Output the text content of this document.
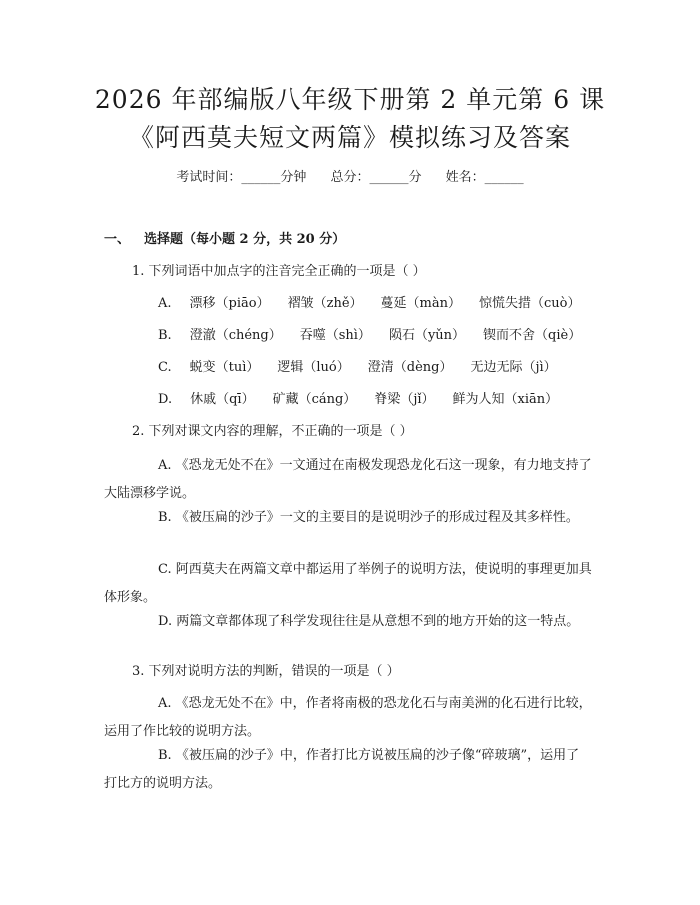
2026 年部编版八年级下册第 2 单元第 6 课
《阿西莫夫短文两篇》模拟练习及答案
考试时间：______分钟 总分：______分 姓名：______
一、 选择题（每小题 2 分，共 20 分）
1. 下列词语中加点字的注音完全正确的一项是（ ）
A. 漂移（piāo） 褶皱（zhě） 蔓延（màn） 惊慌失措（cuò）
B. 澄澈（chéng） 吞噬（shì） 陨石（yǔn） 锲而不舍（qiè）
C. 蜕变（tuì） 逻辑（luó） 澄清（dèng） 无边无际（jì）
D. 休戚（qī） 矿藏（cáng） 脊梁（jǐ） 鲜为人知（xiān）
2. 下列对课文内容的理解，不正确的一项是（ ）
A. 《恐龙无处不在》一文通过在南极发现恐龙化石这一现象，有力地支持了大陆漂移学说。
B. 《被压扁的沙子》一文的主要目的是说明沙子的形成过程及其多样性。
C. 阿西莫夫在两篇文章中都运用了举例子的说明方法，使说明的事理更加具体形象。
D. 两篇文章都体现了科学发现往往是从意想不到的地方开始的这一特点。
3. 下列对说明方法的判断，错误的一项是（ ）
A. 《恐龙无处不在》中，作者将南极的恐龙化石与南美洲的化石进行比较，运用了作比较的说明方法。
B. 《被压扁的沙子》中，作者打比方说被压扁的沙子像“碎玻璃”，运用了打比方的说明方法。
